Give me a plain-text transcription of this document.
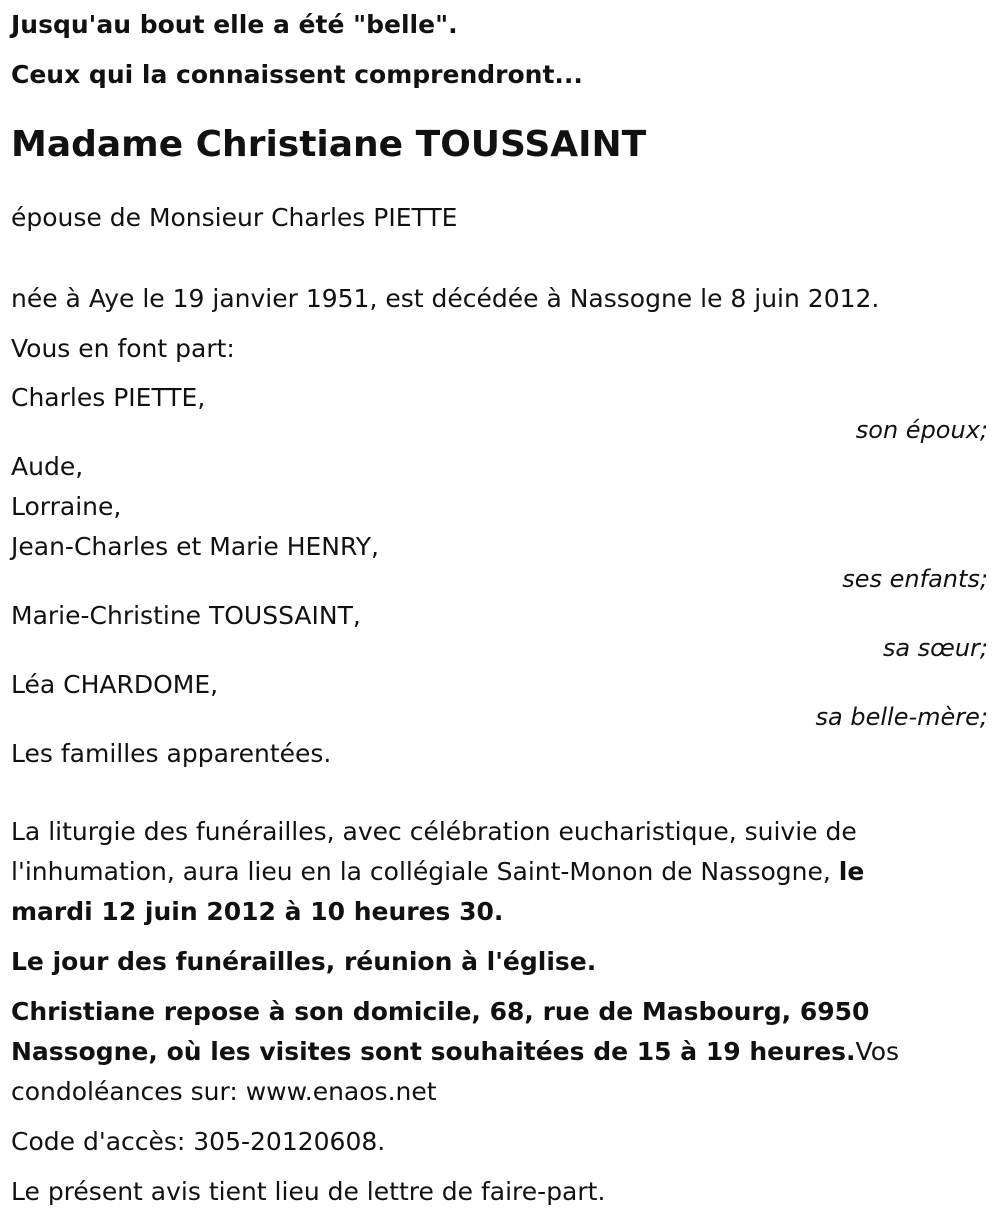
Jusqu'au bout elle a été "belle".

Ceux qui la connaissent comprendront...

Madame Christiane TOUSSAINT

épouse de Monsieur Charles PIETTE

née à Aye le 19 janvier 1951, est décédée à Nassogne le 8 juin 2012.

Vous en font part:

Charles PIETTE,

son époux;

Aude,

Lorraine,

Jean-Charles et Marie HENRY,

ses enfants;

Marie-Christine TOUSSAINT,

sa sœur;

Léa CHARDOME,

sa belle-mère;

Les familles apparentées.

La liturgie des funérailles, avec célébration eucharistique, suivie de

l'inhumation, aura lieu en la collégiale Saint-Monon de Nassogne, le

mardi 12 juin 2012 à 10 heures 30.

Le jour des funérailles, réunion à l'église.

Christiane repose à son domicile, 68, rue de Masbourg, 6950

Nassogne, où les visites sont souhaitées de 15 à 19 heures.Vos

condoléances sur: www.enaos.net

Code d'accès: 305-20120608.

Le présent avis tient lieu de lettre de faire-part.
